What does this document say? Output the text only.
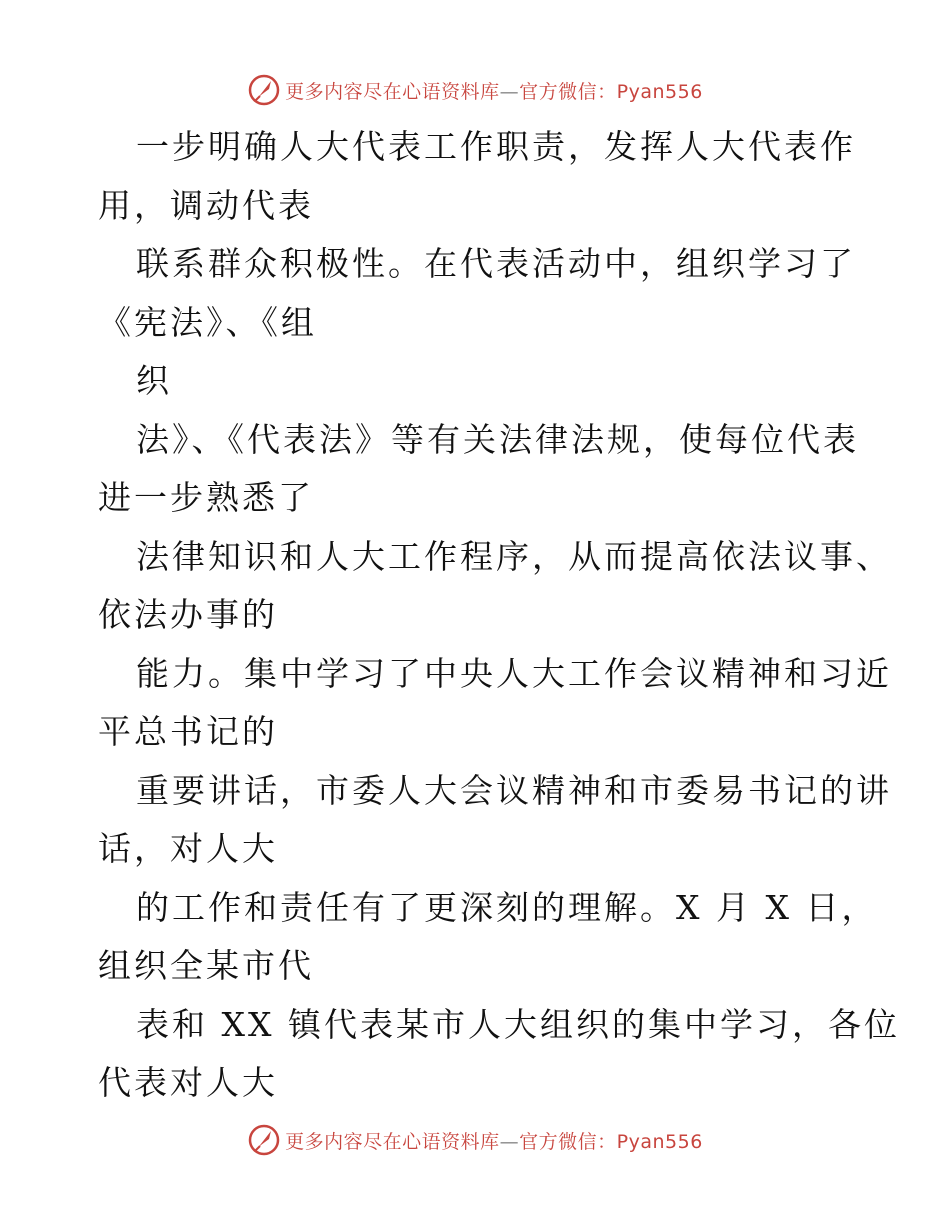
更多内容尽在心语资料库—官方微信：Pyan556
一步明确人大代表工作职责，发挥人大代表作
用，调动代表
联系群众积极性。在代表活动中，组织学习了
《宪法》、《组
织
法》、《代表法》等有关法律法规，使每位代表
进一步熟悉了
法律知识和人大工作程序，从而提高依法议事、
依法办事的
能力。集中学习了中央人大工作会议精神和习近
平总书记的
重要讲话，市委人大会议精神和市委易书记的讲
话，对人大
的工作和责任有了更深刻的理解。X 月 X 日，
组织全某市代
表和 XX 镇代表某市人大组织的集中学习，各位
代表对人大
更多内容尽在心语资料库—官方微信：Pyan556
